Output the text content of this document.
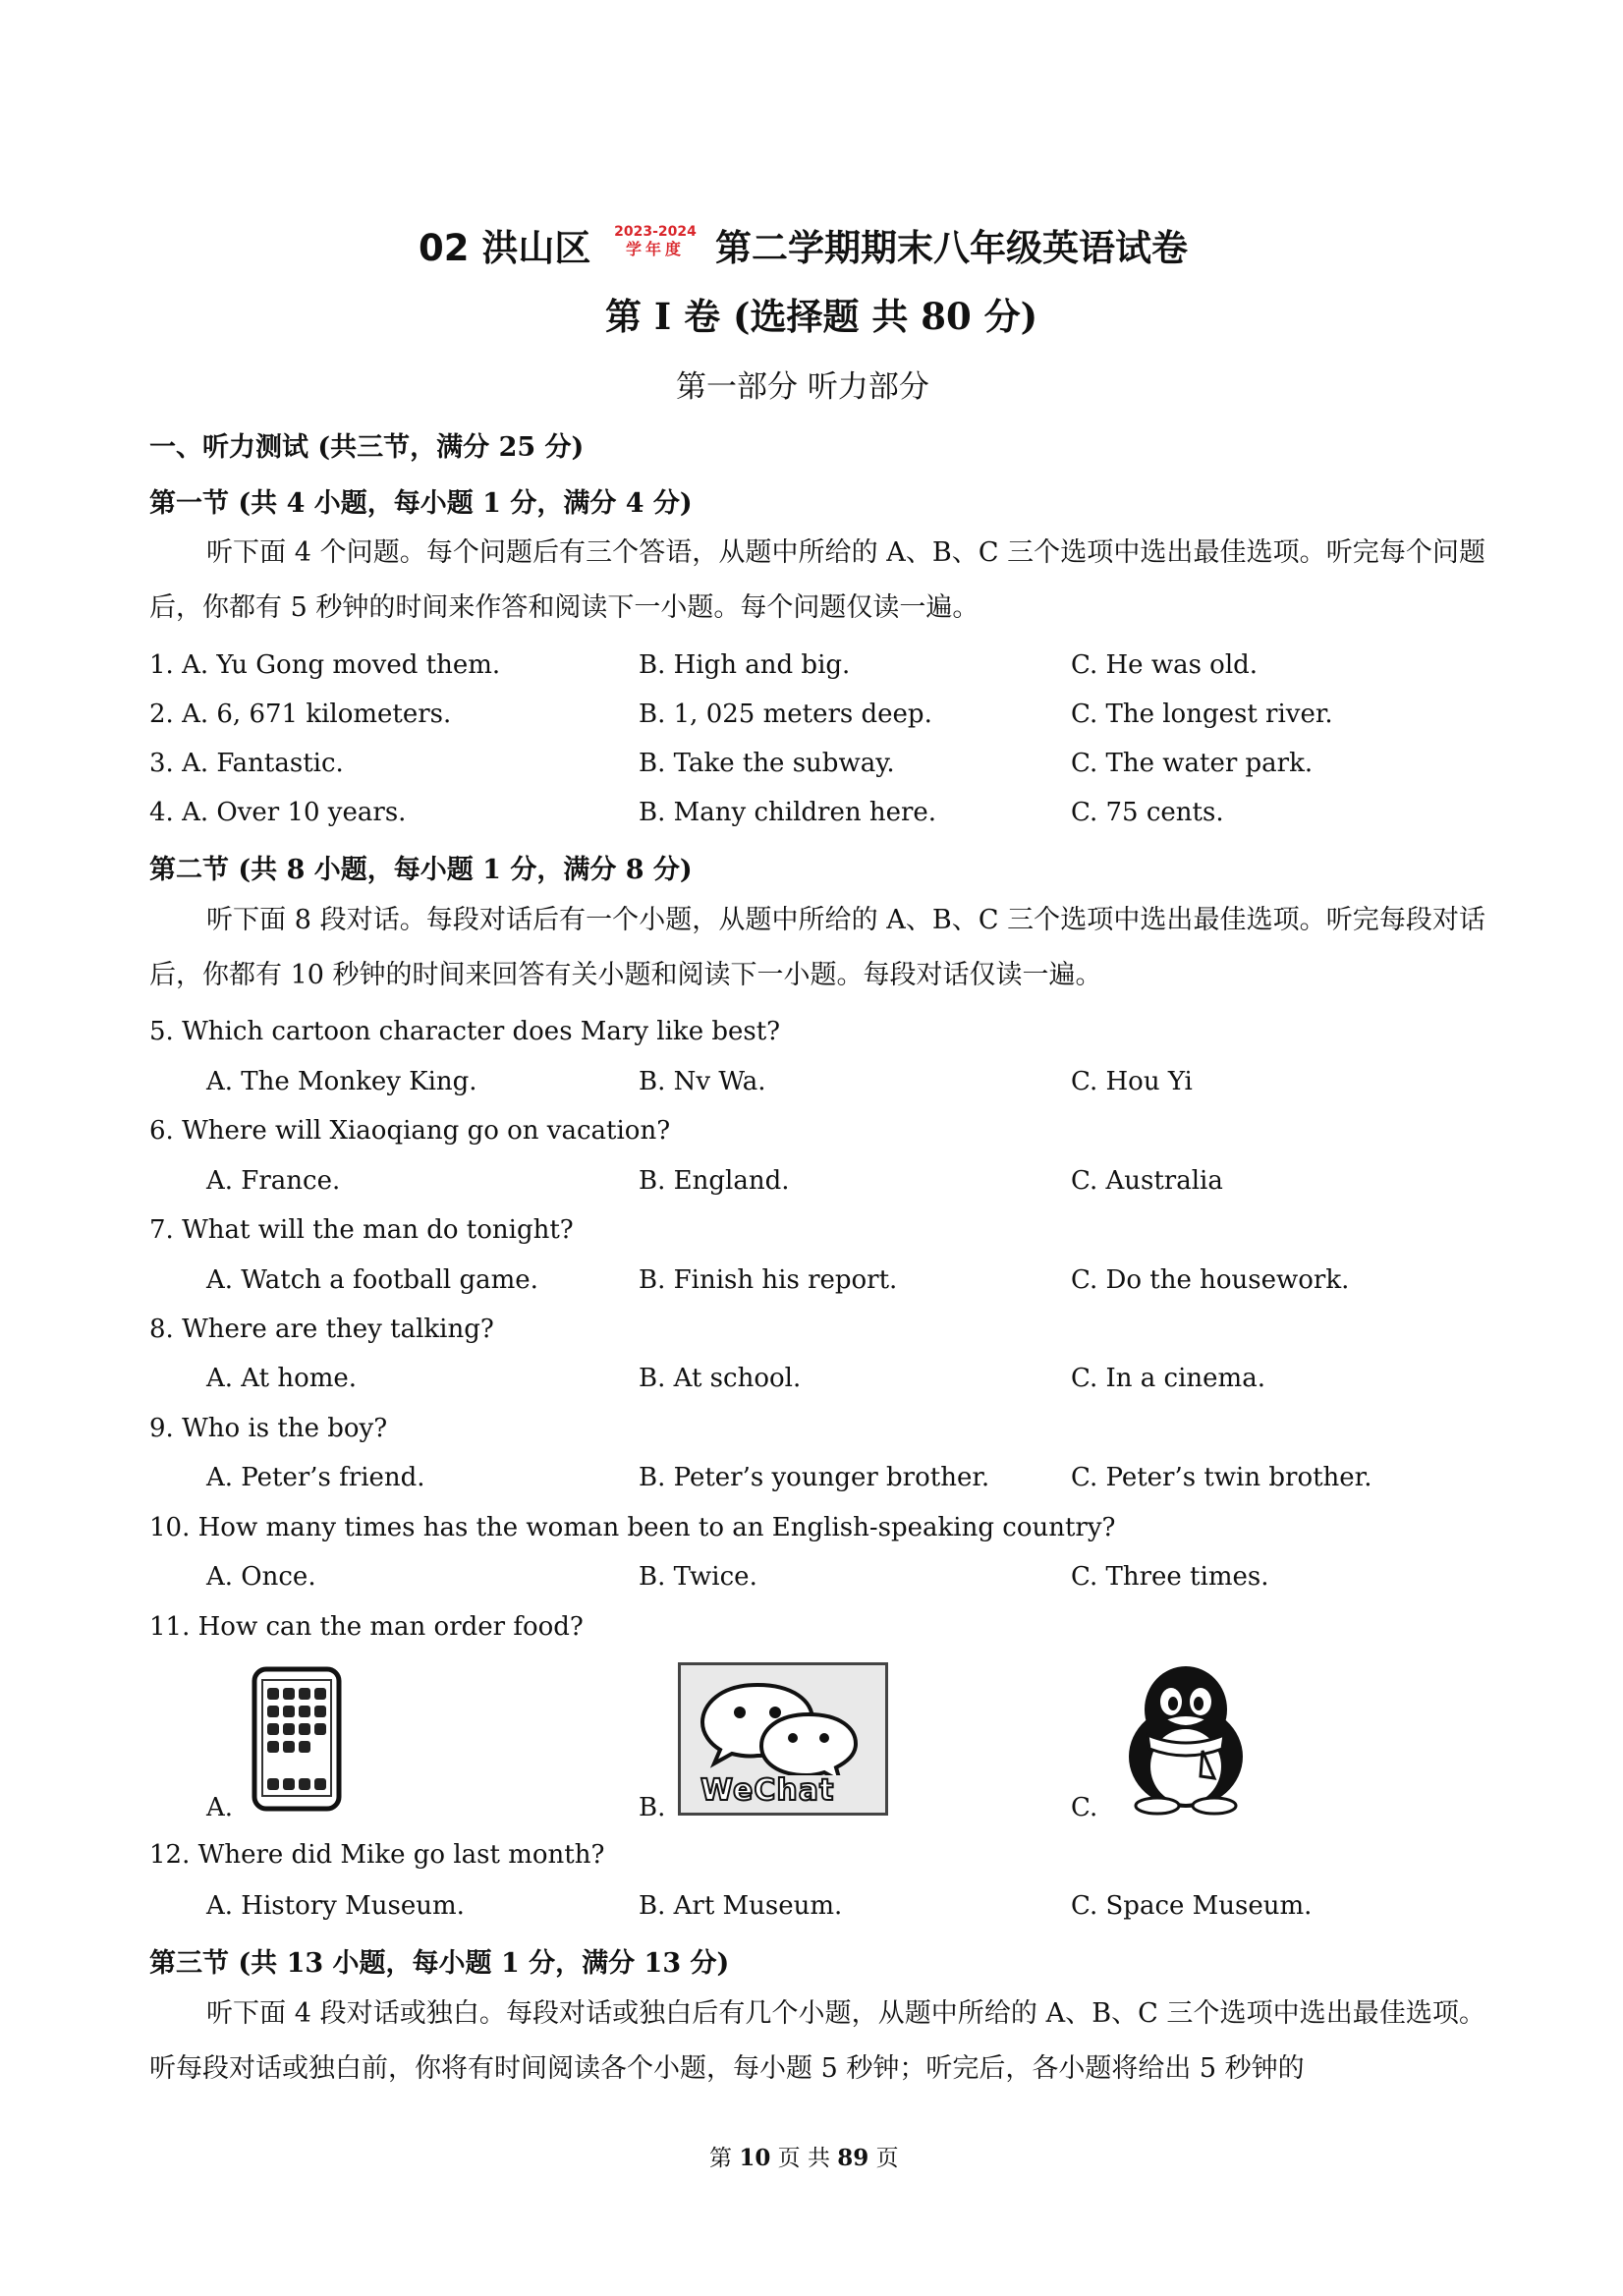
02 洪山区 2023-2024
学年度 第二学期期末八年级英语试卷
第 I 卷 (选择题 共 80 分)
第一部分 听力部分
一、听力测试 (共三节，满分 25 分)
第一节 (共 4 小题，每小题 1 分，满分 4 分)
听下面 4 个问题。每个问题后有三个答语，从题中所给的 A、B、C 三个选项中选出最佳选项。听完每个问题后，你都有 5 秒钟的时间来作答和阅读下一小题。每个问题仅读一遍。
1. A. Yu Gong moved them.	B. High and big.	C. He was old.
2. A. 6, 671 kilometers.	B. 1, 025 meters deep.	C. The longest river.
3. A. Fantastic.	B. Take the subway.	C. The water park.
4. A. Over 10 years.	B. Many children here.	C. 75 cents.
第二节 (共 8 小题，每小题 1 分，满分 8 分)
听下面 8 段对话。每段对话后有一个小题，从题中所给的 A、B、C 三个选项中选出最佳选项。听完每段对话后，你都有 10 秒钟的时间来回答有关小题和阅读下一小题。每段对话仅读一遍。
5. Which cartoon character does Mary like best?
A. The Monkey King.	B. Nv Wa.	C. Hou Yi
6. Where will Xiaoqiang go on vacation?
A. France.	B. England.	C. Australia
7. What will the man do tonight?
A. Watch a football game.	B. Finish his report.	C. Do the housework.
8. Where are they talking?
A. At home.	B. At school.	C. In a cinema.
9. Who is the boy?
A. Peter’s friend.	B. Peter’s younger brother.	C. Peter’s twin brother.
10. How many times has the woman been to an English-speaking country?
A. Once.	B. Twice.	C. Three times.
11. How can the man order food?
A.	B. WeChat	C.
12. Where did Mike go last month?
A. History Museum.	B. Art Museum.	C. Space Museum.
第三节 (共 13 小题，每小题 1 分，满分 13 分)
听下面 4 段对话或独白。每段对话或独白后有几个小题，从题中所给的 A、B、C 三个选项中选出最佳选项。听每段对话或独白前，你将有时间阅读各个小题，每小题 5 秒钟；听完后，各小题将给出 5 秒钟的
第 10 页 共 89 页
